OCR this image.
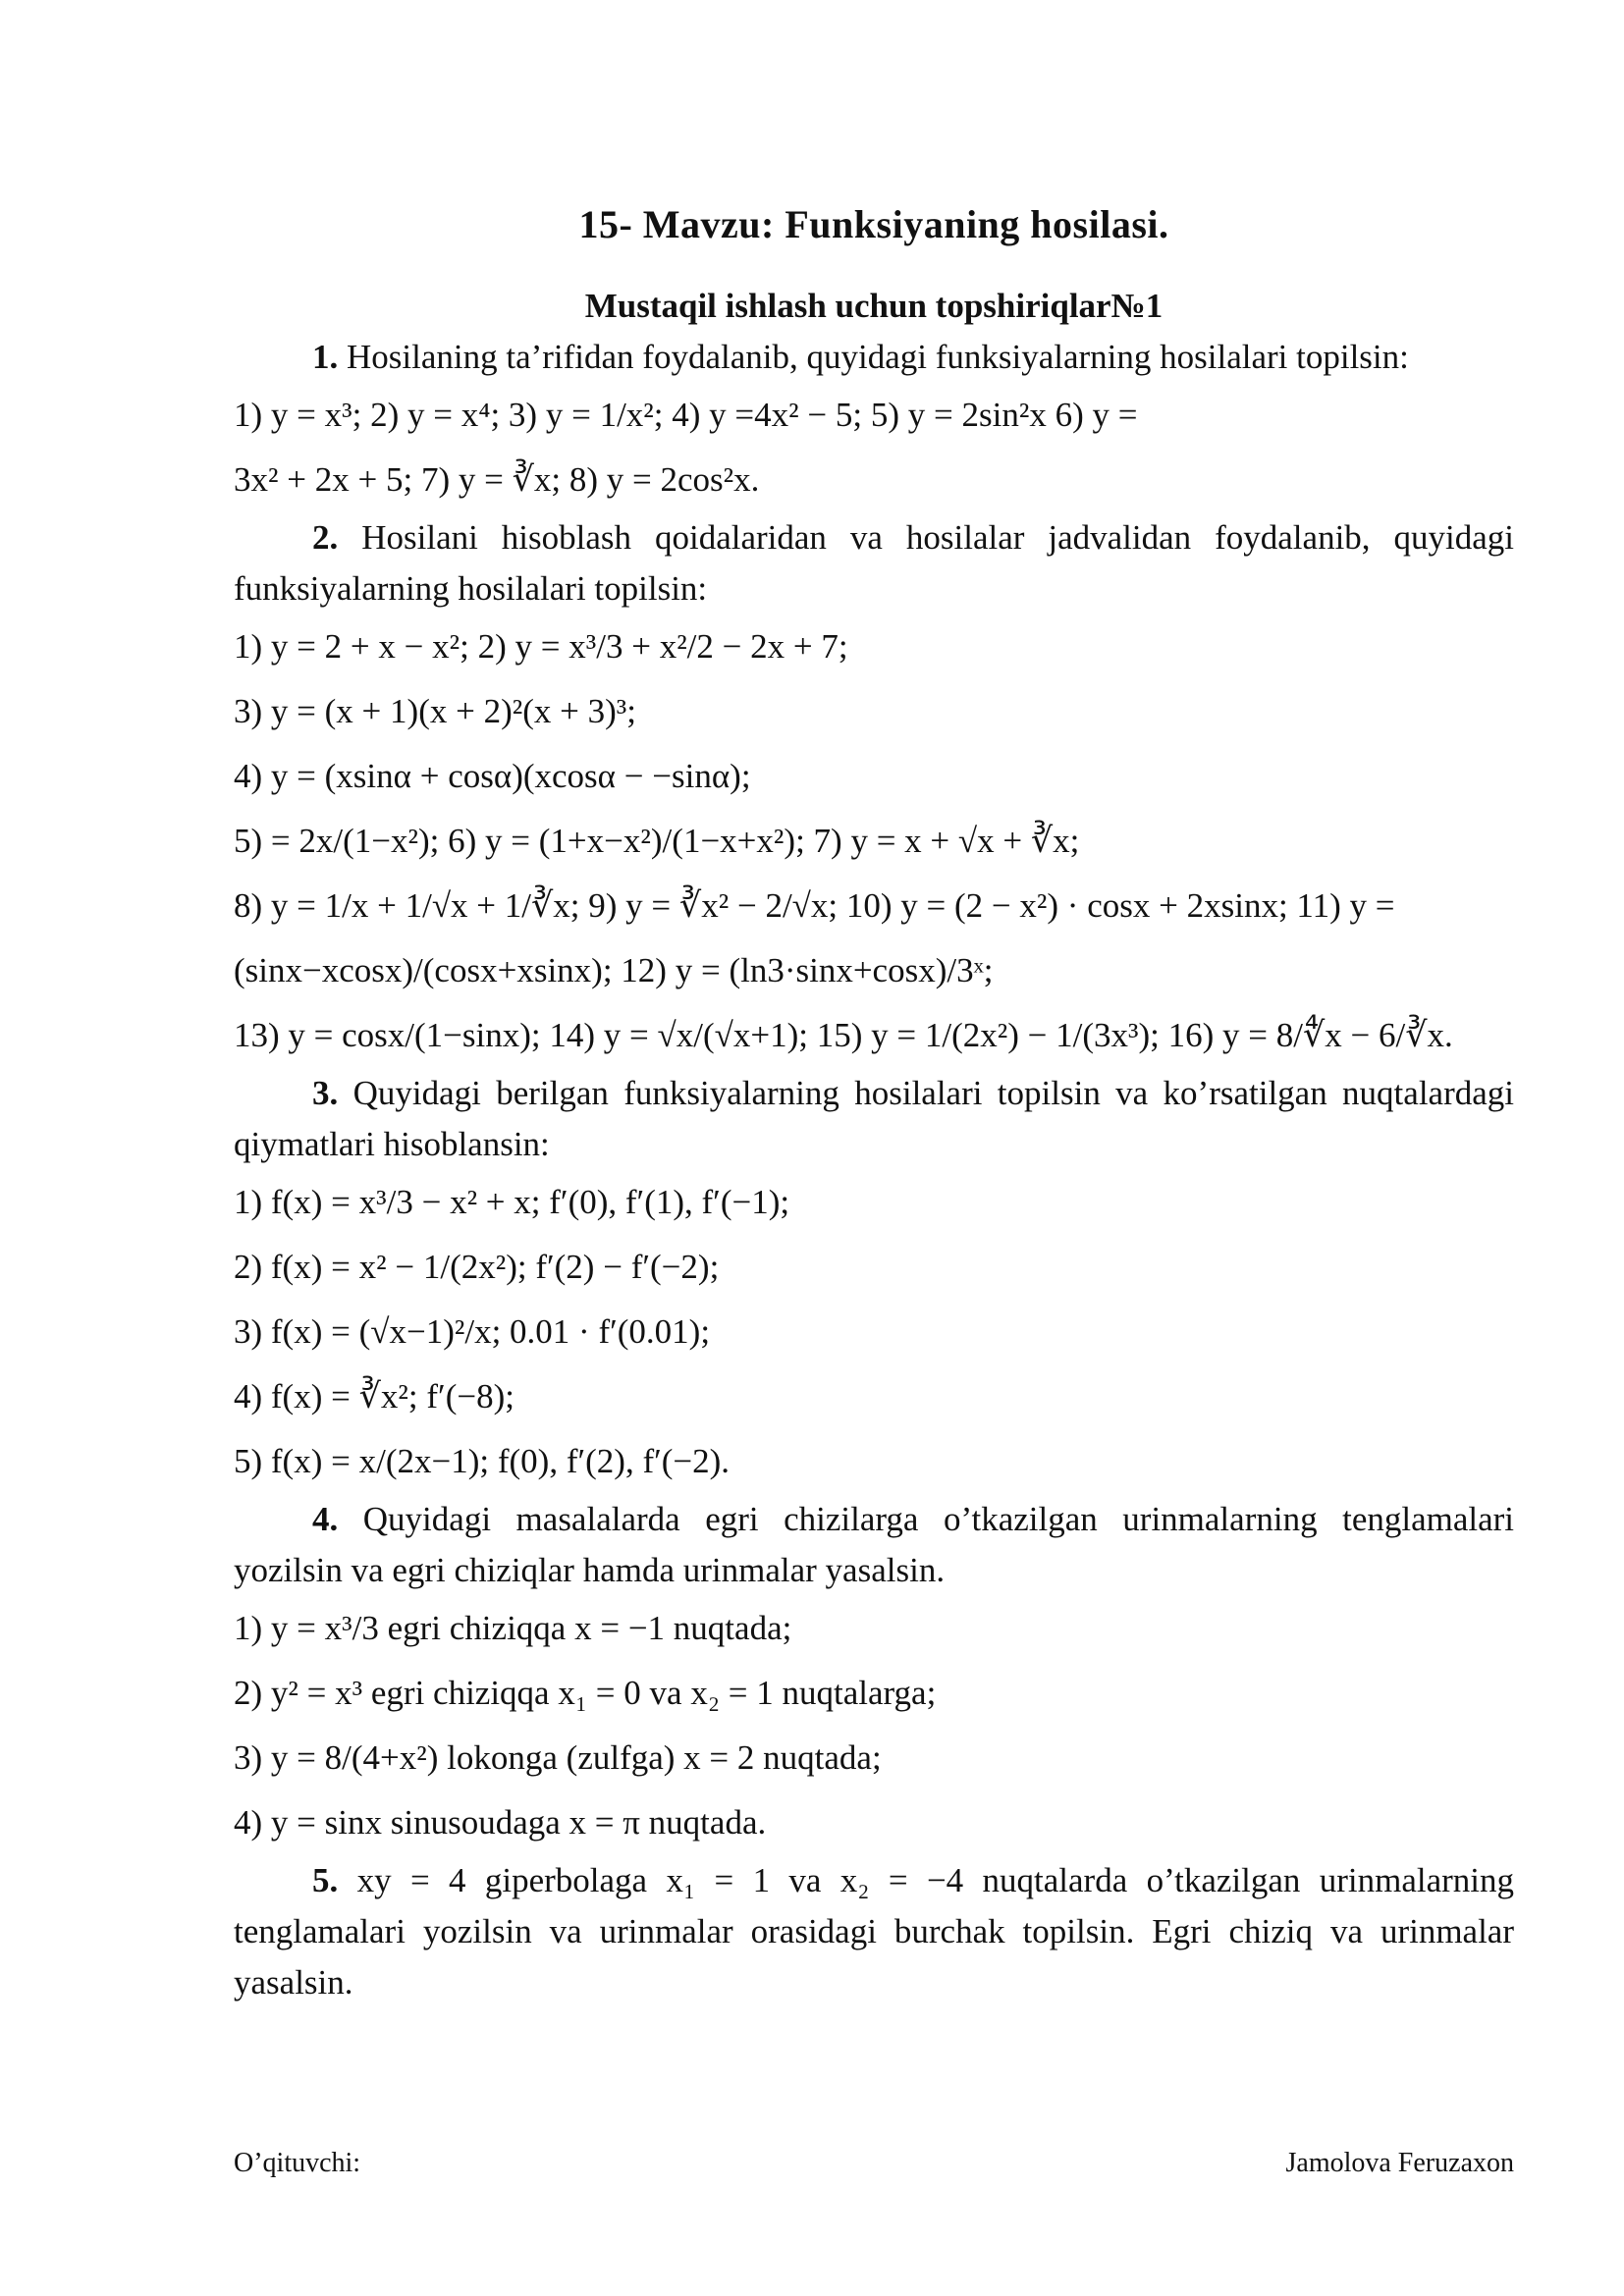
15- Mavzu: Funksiyaning hosilasi.
Mustaqil ishlash uchun topshiriqlar№1

1. Hosilaning ta’rifidan foydalanib, quyidagi funksiyalarning hosilalari topilsin:

1) y = x³; 2) y = x⁴; 3) y = 1/x²; 4) y =4x² − 5; 5) y = 2sin²x 6) y =

3x² + 2x + 5; 7) y = ∛x; 8) y = 2cos²x.

2. Hosilani hisoblash qoidalaridan va hosilalar jadvalidan foydalanib, quyidagi funksiyalarning hosilalari topilsin:

1) y = 2 + x − x²; 2) y = x³/3 + x²/2 − 2x + 7;

3) y = (x + 1)(x + 2)²(x + 3)³;

4) y = (xsinα + cosα)(xcosα − −sinα);

5) = 2x/(1−x²); 6) y = (1+x−x²)/(1−x+x²); 7) y = x + √x + ∛x;

8) y = 1/x + 1/√x + 1/∛x; 9) y = ∛x² − 2/√x; 10) y = (2 − x²) · cosx + 2xsinx; 11) y =

(sinx−xcosx)/(cosx+xsinx); 12) y = (ln3·sinx+cosx)/3ˣ;

13) y = cosx/(1−sinx); 14) y = √x/(√x+1); 15) y = 1/(2x²) − 1/(3x³); 16) y = 8/∜x − 6/∛x.

3. Quyidagi berilgan funksiyalarning hosilalari topilsin va ko’rsatilgan nuqtalardagi qiymatlari hisoblansin:

1) f(x) = x³/3 − x² + x; f′(0), f′(1), f′(−1);

2) f(x) = x² − 1/(2x²); f′(2) − f′(−2);

3) f(x) = (√x−1)²/x; 0.01 · f′(0.01);

4) f(x) = ∛x²; f′(−8);

5) f(x) = x/(2x−1); f(0), f′(2), f′(−2).

4. Quyidagi masalalarda egri chizilarga o’tkazilgan urinmalarning tenglamalari yozilsin va egri chiziqlar hamda urinmalar yasalsin.

1) y = x³/3 egri chiziqqa x = −1 nuqtada;

2) y² = x³ egri chiziqqa x₁ = 0 va x₂ = 1 nuqtalarga;

3) y = 8/(4+x²) lokonga (zulfga) x = 2 nuqtada;

4) y = sinx sinusoudaga x = π nuqtada.

5. xy = 4 giperbolaga x₁ = 1 va x₂ = −4 nuqtalarda o’tkazilgan urinmalarning tenglamalari yozilsin va urinmalar orasidagi burchak topilsin. Egri chiziq va urinmalar yasalsin.

O’qituvchi:	Jamolova Feruzaxon
